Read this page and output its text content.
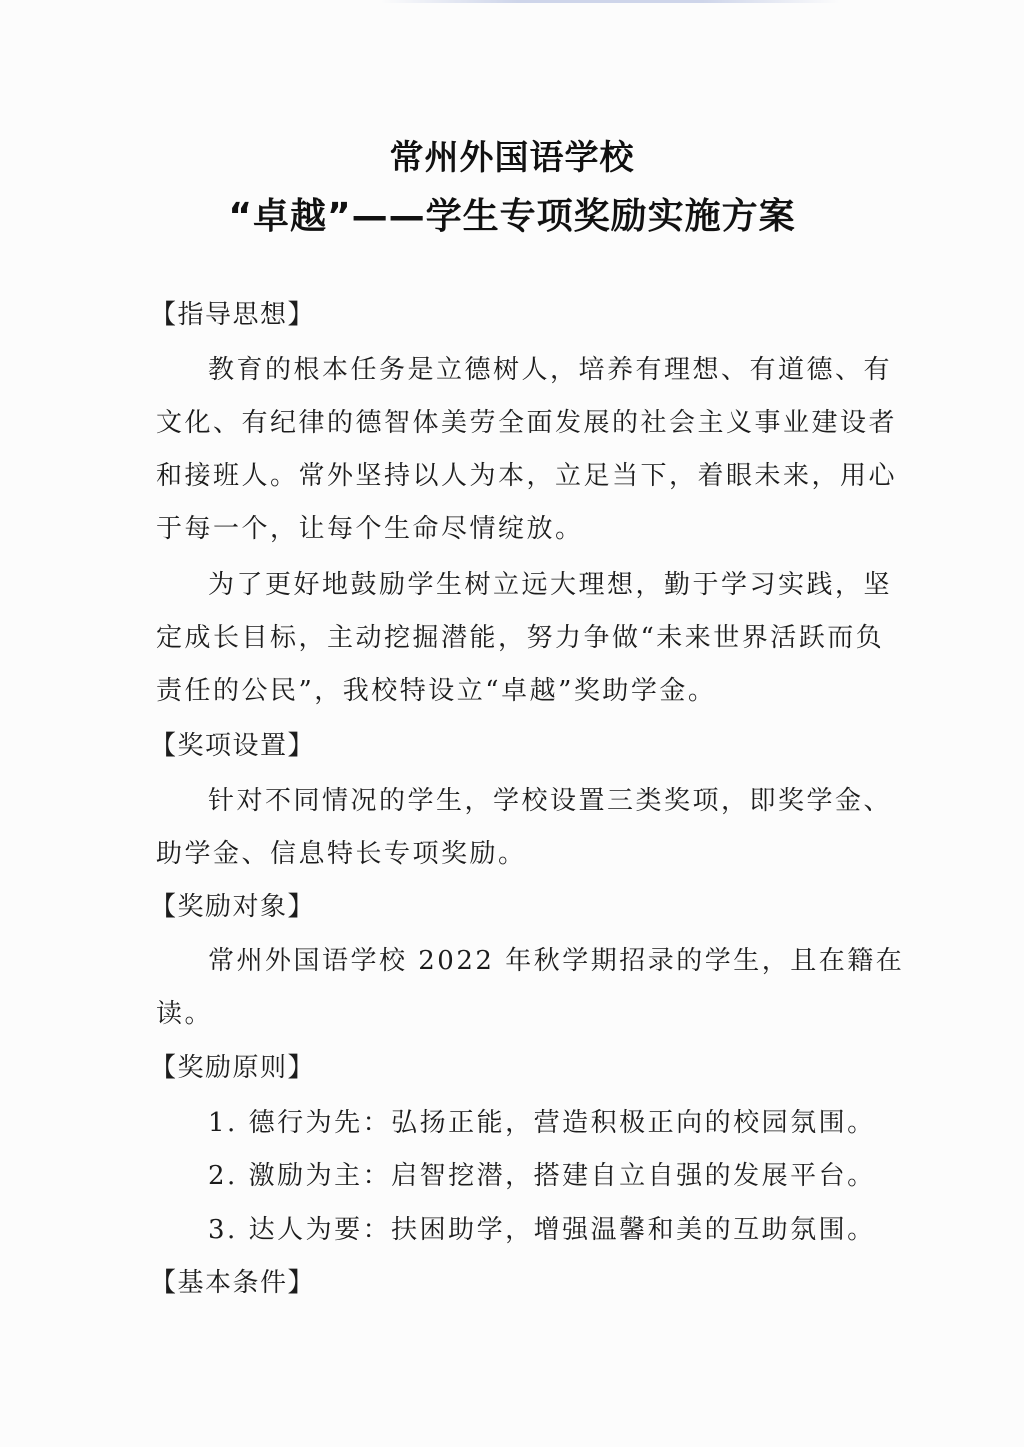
常州外国语学校
“卓越”——学生专项奖励实施方案
【指导思想】
教育的根本任务是立德树人，培养有理想、有道德、有
文化、有纪律的德智体美劳全面发展的社会主义事业建设者
和接班人。常外坚持以人为本，立足当下，着眼未来，用心
于每一个，让每个生命尽情绽放。
为了更好地鼓励学生树立远大理想，勤于学习实践，坚
定成长目标，主动挖掘潜能，努力争做“未来世界活跃而负
责任的公民”，我校特设立“卓越”奖助学金。
【奖项设置】
针对不同情况的学生，学校设置三类奖项，即奖学金、
助学金、信息特长专项奖励。
【奖励对象】
常州外国语学校 2022 年秋学期招录的学生，且在籍在
读。
【奖励原则】
1. 德行为先：弘扬正能，营造积极正向的校园氛围。
2. 激励为主：启智挖潜，搭建自立自强的发展平台。
3. 达人为要：扶困助学，增强温馨和美的互助氛围。
【基本条件】
